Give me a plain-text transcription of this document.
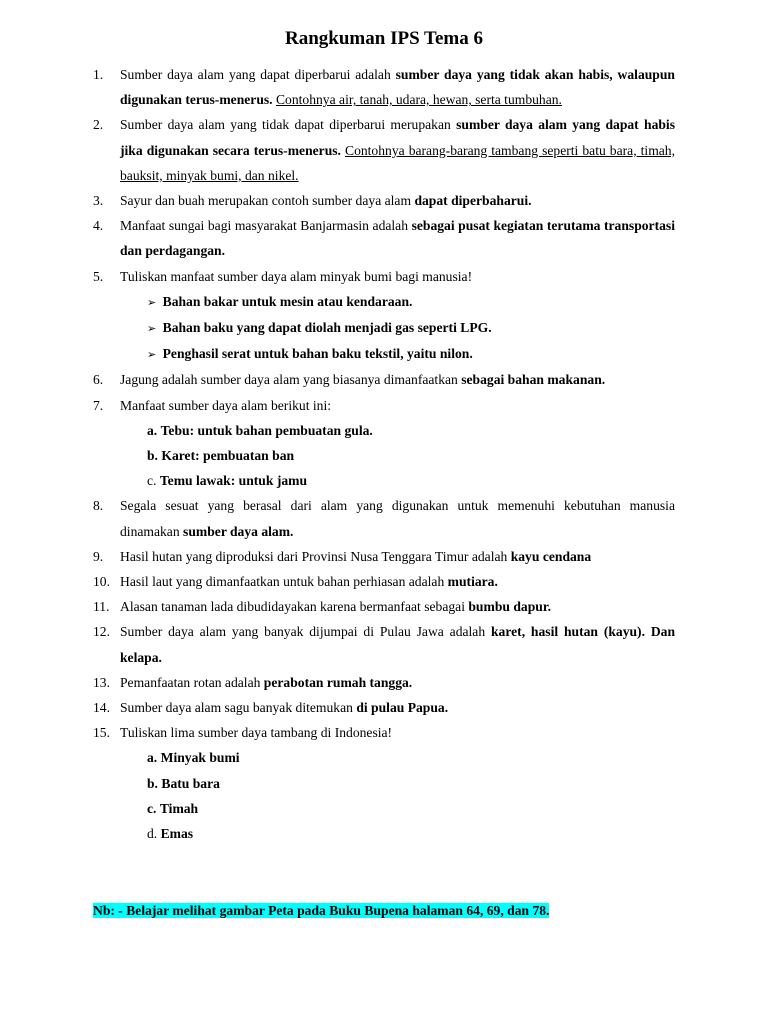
Rangkuman IPS Tema 6
1. Sumber daya alam yang dapat diperbarui adalah sumber daya yang tidak akan habis, walaupun digunakan terus-menerus. Contohnya air, tanah, udara, hewan, serta tumbuhan.
2. Sumber daya alam yang tidak dapat diperbarui merupakan sumber daya alam yang dapat habis jika digunakan secara terus-menerus. Contohnya barang-barang tambang seperti batu bara, timah, bauksit, minyak bumi, dan nikel.
3. Sayur dan buah merupakan contoh sumber daya alam dapat diperbaharui.
4. Manfaat sungai bagi masyarakat Banjarmasin adalah sebagai pusat kegiatan terutama transportasi dan perdagangan.
5. Tuliskan manfaat sumber daya alam minyak bumi bagi manusia!
➢ Bahan bakar untuk mesin atau kendaraan.
➢ Bahan baku yang dapat diolah menjadi gas seperti LPG.
➢ Penghasil serat untuk bahan baku tekstil, yaitu nilon.
6. Jagung adalah sumber daya alam yang biasanya dimanfaatkan sebagai bahan makanan.
7. Manfaat sumber daya alam berikut ini:
a. Tebu: untuk bahan pembuatan gula.
b. Karet: pembuatan ban
c. Temu lawak: untuk jamu
8. Segala sesuat yang berasal dari alam yang digunakan untuk memenuhi kebutuhan manusia dinamakan sumber daya alam.
9. Hasil hutan yang diproduksi dari Provinsi Nusa Tenggara Timur adalah kayu cendana
10. Hasil laut yang dimanfaatkan untuk bahan perhiasan adalah mutiara.
11. Alasan tanaman lada dibudidayakan karena bermanfaat sebagai bumbu dapur.
12. Sumber daya alam yang banyak dijumpai di Pulau Jawa adalah karet, hasil hutan (kayu). Dan kelapa.
13. Pemanfaatan rotan adalah perabotan rumah tangga.
14. Sumber daya alam sagu banyak ditemukan di pulau Papua.
15. Tuliskan lima sumber daya tambang di Indonesia!
a. Minyak bumi
b. Batu bara
c. Timah
d. Emas
Nb: - Belajar melihat gambar Peta pada Buku Bupena halaman 64, 69, dan 78.
